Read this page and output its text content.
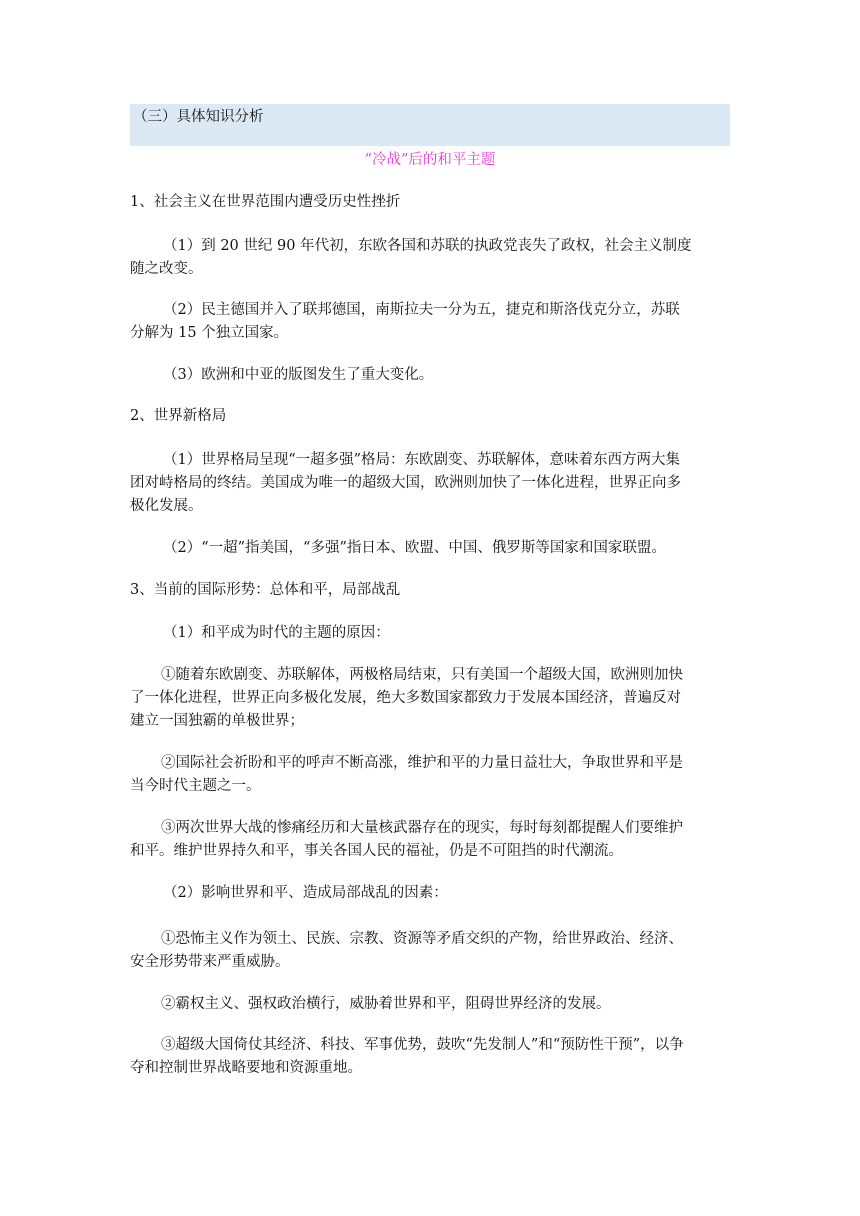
（三）具体知识分析
“冷战”后的和平主题
1、社会主义在世界范围内遭受历史性挫折
（1）到 20 世纪 90 年代初，东欧各国和苏联的执政党丧失了政权，社会主义制度
随之改变。
（2）民主德国并入了联邦德国，南斯拉夫一分为五，捷克和斯洛伐克分立，苏联
分解为 15 个独立国家。
（3）欧洲和中亚的版图发生了重大变化。
2、世界新格局
（1）世界格局呈现“一超多强”格局：东欧剧变、苏联解体，意味着东西方两大集
团对峙格局的终结。美国成为唯一的超级大国，欧洲则加快了一体化进程，世界正向多
极化发展。
（2）“一超”指美国，“多强”指日本、欧盟、中国、俄罗斯等国家和国家联盟。
3、当前的国际形势：总体和平，局部战乱
（1）和平成为时代的主题的原因：
①随着东欧剧变、苏联解体，两极格局结束，只有美国一个超级大国，欧洲则加快
了一体化进程，世界正向多极化发展，绝大多数国家都致力于发展本国经济，普遍反对
建立一国独霸的单极世界；
②国际社会祈盼和平的呼声不断高涨，维护和平的力量日益壮大，争取世界和平是
当今时代主题之一。
③两次世界大战的惨痛经历和大量核武器存在的现实，每时每刻都提醒人们要维护
和平。维护世界持久和平，事关各国人民的福祉，仍是不可阻挡的时代潮流。
（2）影响世界和平、造成局部战乱的因素：
①恐怖主义作为领土、民族、宗教、资源等矛盾交织的产物，给世界政治、经济、
安全形势带来严重威胁。
②霸权主义、强权政治横行，威胁着世界和平，阻碍世界经济的发展。
③超级大国倚仗其经济、科技、军事优势，鼓吹“先发制人”和“预防性干预”，以争
夺和控制世界战略要地和资源重地。
